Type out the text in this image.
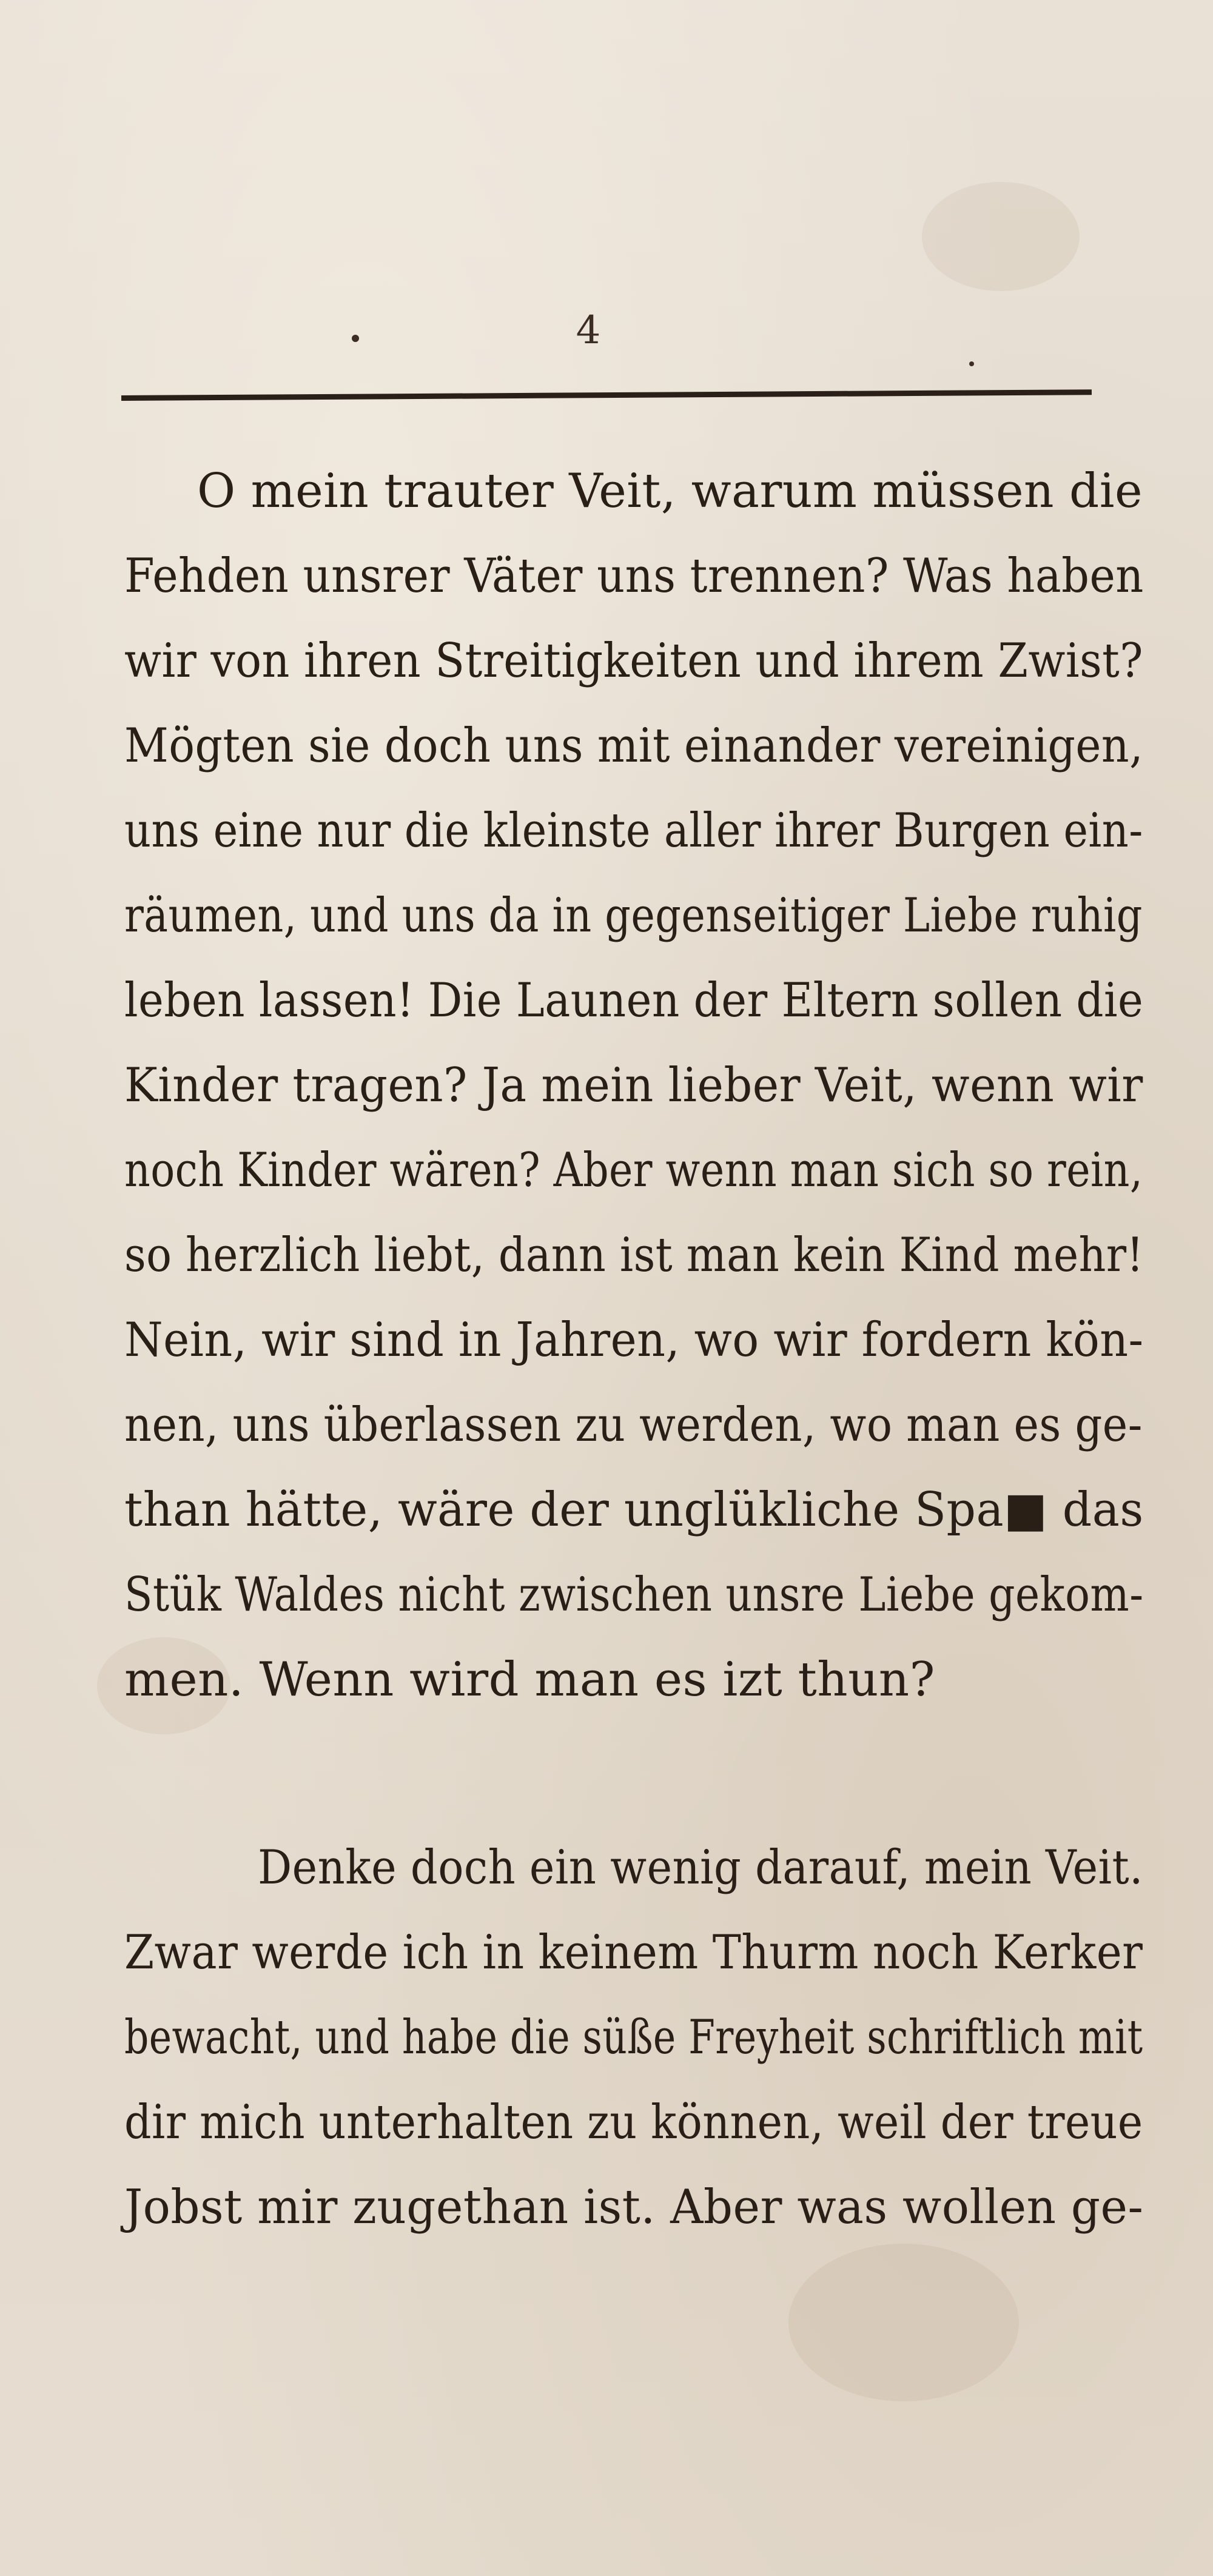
4
O mein trauter Veit, warum müssen die
Fehden unsrer Väter uns trennen? Was haben
wir von ihren Streitigkeiten und ihrem Zwist?
Mögten sie doch uns mit einander vereinigen,
uns eine nur die kleinste aller ihrer Burgen ein-
räumen, und uns da in gegenseitiger Liebe ruhig
leben lassen! Die Launen der Eltern sollen die
Kinder tragen? Ja mein lieber Veit, wenn wir
noch Kinder wären? Aber wenn man sich so rein,
so herzlich liebt, dann ist man kein Kind mehr!
Nein, wir sind in Jahren, wo wir fordern kön-
nen, uns überlassen zu werden, wo man es ge-
than hätte, wäre der unglükliche Spa■ das
Stük Waldes nicht zwischen unsre Liebe gekom-
men. Wenn wird man es izt thun?
Denke doch ein wenig darauf, mein Veit.
Zwar werde ich in keinem Thurm noch Kerker
bewacht, und habe die süße Freyheit schriftlich mit
dir mich unterhalten zu können, weil der treue
Jobst mir zugethan ist. Aber was wollen ge-
